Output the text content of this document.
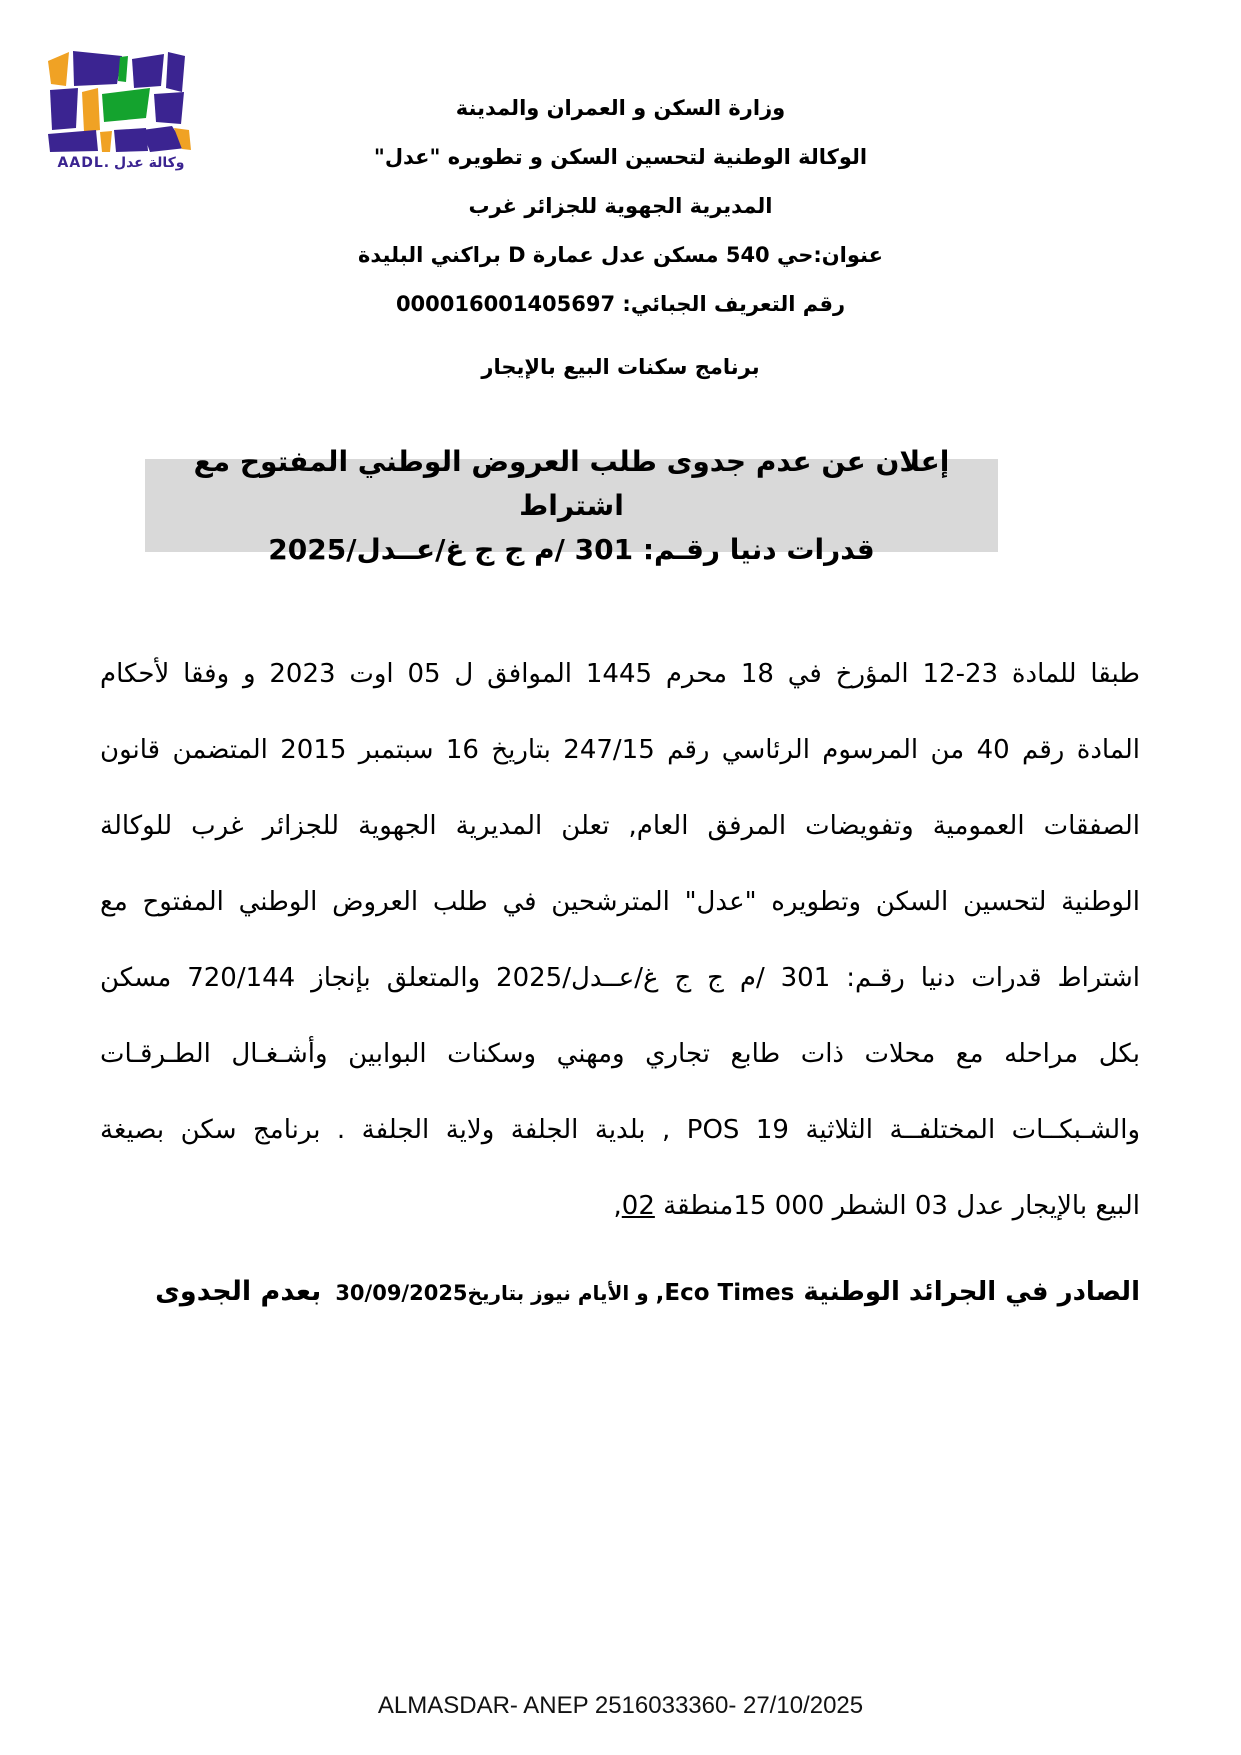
وكالة عدل .AADL
وزارة السكن و العمران والمدينة
الوكالة الوطنية لتحسين السكن و تطويره "عدل"
المديرية الجهوية للجزائر غرب
عنوان:حي 540 مسكن عدل عمارة D براكني البليدة
رقم التعريف الجبائي: 000016001405697
برنامج سكنات البيع بالإيجار
إعلان عن عدم جدوى طلب العروض الوطني المفتوح مع اشتراط
قدرات دنيا رقـم: 301 /م ج ج غ/عــدل/2025
طبقا للمادة 23-12 المؤرخ في 18 محرم 1445 الموافق ل 05 اوت 2023 و وفقا لأحكام
المادة رقم 40 من المرسوم الرئاسي رقم 247/15 بتاريخ 16 سبتمبر 2015 المتضمن قانون
الصفقات العمومية وتفويضات المرفق العام, تعلن المديرية الجهوية للجزائر غرب للوكالة
الوطنية لتحسين السكن وتطويره "عدل" المترشحين في طلب العروض الوطني المفتوح مع
اشتراط قدرات دنيا رقـم: 301 /م ج ج غ/عــدل/2025 والمتعلق بإنجاز 720/144 مسكن
بكل مراحله مع محلات ذات طابع تجاري ومهني وسكنات البوابين وأشـغـال الطـرقـات
والشـبكــات المختلفــة الثلاثية POS 19 , بلدية الجلفة ولاية الجلفة . برنامج سكن بصيغة
البيع بالإيجار عدل 03 الشطر 000 15منطقة 02,
الصادر في الجرائد الوطنية Eco Times, و الأيام نيوز بتاريخ30/09/2025بعدم الجدوى
ALMASDAR- ANEP 2516033360- 27/10/2025
